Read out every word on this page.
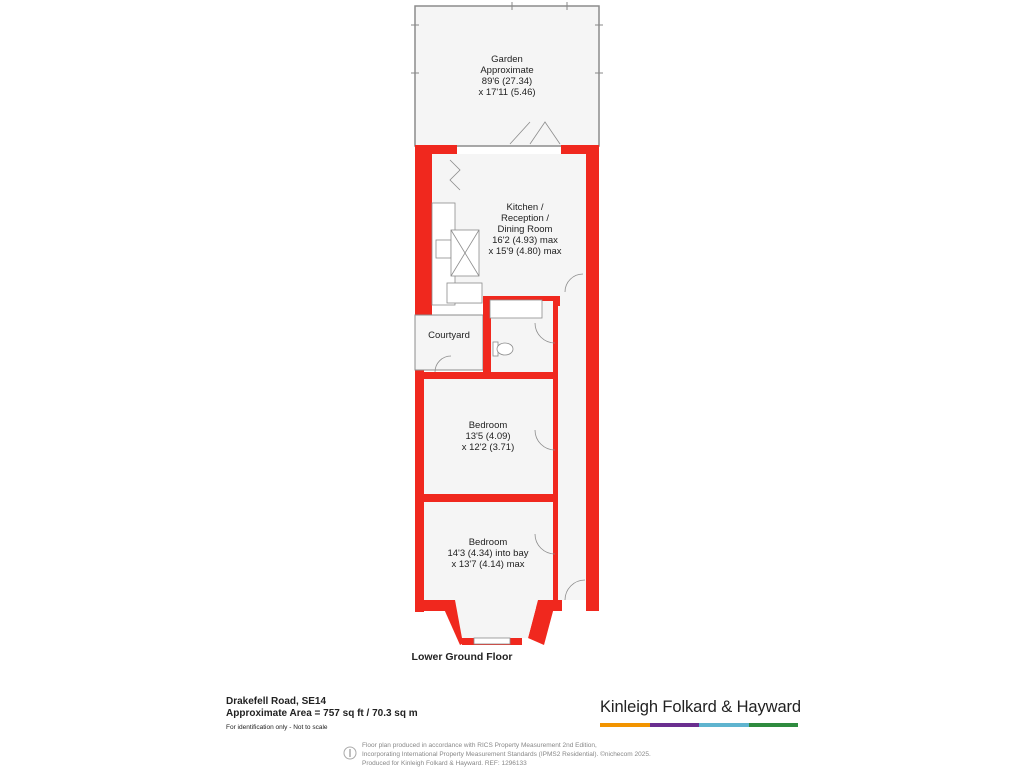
Garden
Approximate
89'6 (27.34)
x 17'11 (5.46)
Kitchen /
Reception /
Dining Room
16'2 (4.93) max
x 15'9 (4.80) max
Courtyard
Bedroom
13'5 (4.09)
x 12'2 (3.71)
Bedroom
14'3 (4.34) into bay
x 13'7 (4.14) max
Lower Ground Floor
Drakefell Road, SE14
Approximate Area = 757 sq ft / 70.3 sq m
For identification only - Not to scale
Kinleigh Folkard & Hayward
Floor plan produced in accordance with RICS Property Measurement 2nd Edition,
Incorporating International Property Measurement Standards (IPMS2 Residential). ©nichecom 2025.
Produced for Kinleigh Folkard & Hayward. REF: 1296133
